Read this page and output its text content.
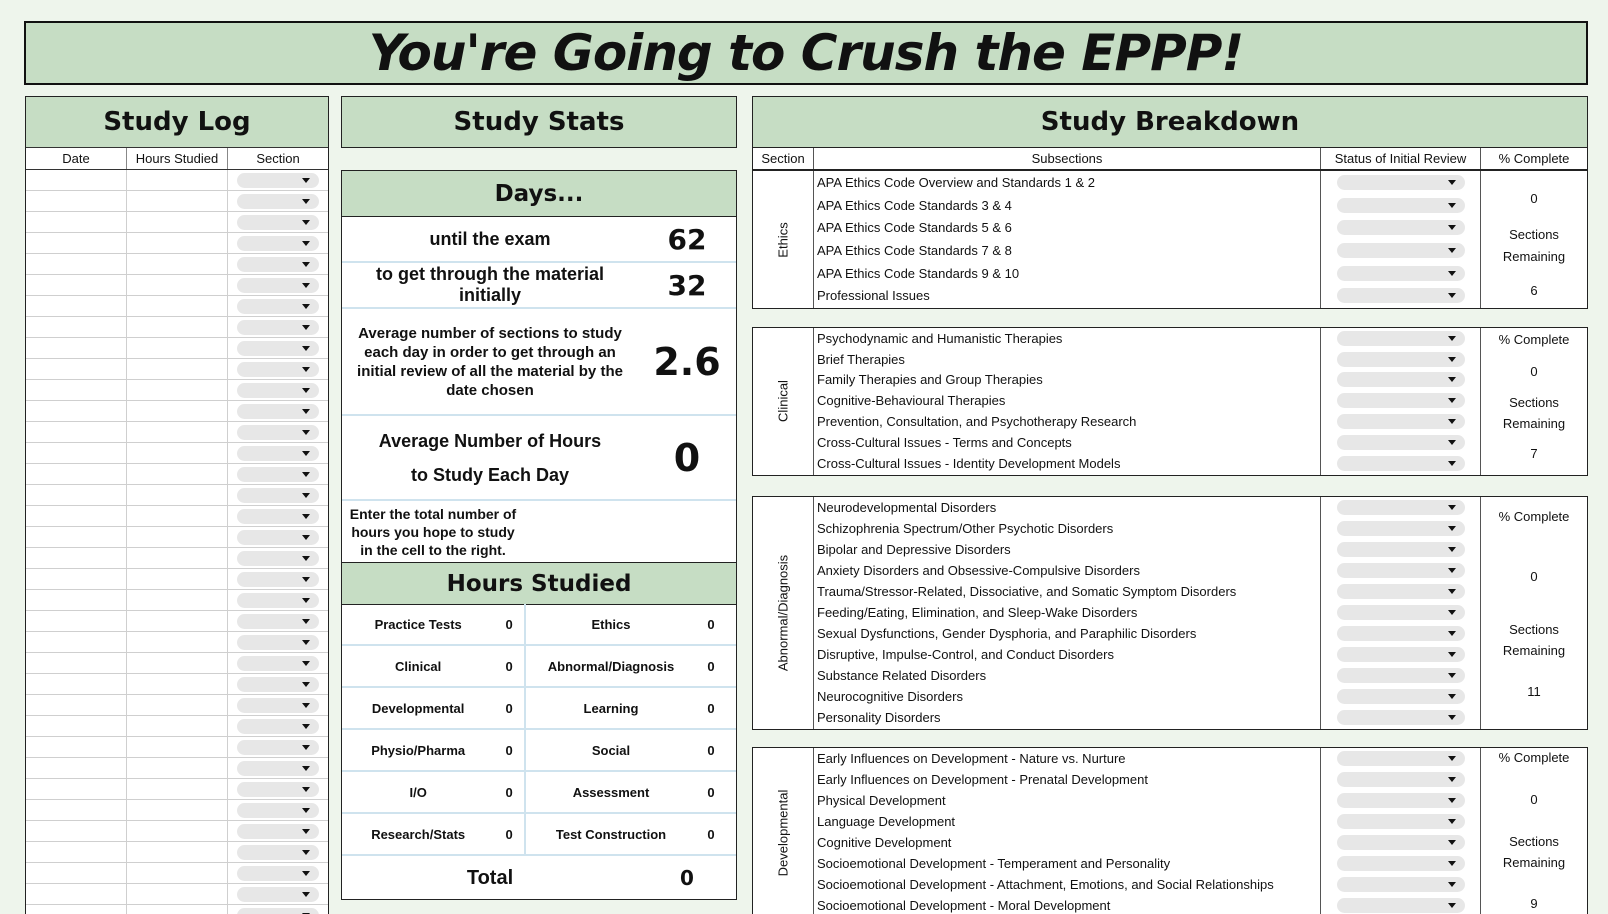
You're Going to Crush the EPPP!
Study Log
Date	Hours Studied	Section
Study Stats
Days...
until the exam	62
to get through the material initially	32
Average number of sections to study each day in order to get through an initial review of all the material by the date chosen
2.6
Average Number of Hours
to Study Each Day	0
Enter the total number of hours you hope to study in the cell to the right.
Hours Studied
Practice Tests	0	Ethics	0
Clinical	0	Abnormal/Diagnosis	0
Developmental	0	Learning	0
Physio/Pharma	0	Social	0
I/O	0	Assessment	0
Research/Stats	0	Test Construction	0
Total	0
Study Breakdown
Section	Subsections	Status of Initial Review	% Complete
Ethics
APA Ethics Code Overview and Standards 1 & 2
APA Ethics Code Standards 3 & 4
APA Ethics Code Standards 5 & 6
APA Ethics Code Standards 7 & 8
APA Ethics Code Standards 9 & 10
Professional Issues
0
Sections
Remaining
6
Clinical
Psychodynamic and Humanistic Therapies
Brief Therapies
Family Therapies and Group Therapies
Cognitive-Behavioural Therapies
Prevention, Consultation, and Psychotherapy Research
Cross-Cultural Issues - Terms and Concepts
Cross-Cultural Issues - Identity Development Models
% Complete
0
Sections
Remaining
7
Abnormal/Diagnosis
Neurodevelopmental Disorders
Schizophrenia Spectrum/Other Psychotic Disorders
Bipolar and Depressive Disorders
Anxiety Disorders and Obsessive-Compulsive Disorders
Trauma/Stressor-Related, Dissociative, and Somatic Symptom Disorders
Feeding/Eating, Elimination, and Sleep-Wake Disorders
Sexual Dysfunctions, Gender Dysphoria, and Paraphilic Disorders
Disruptive, Impulse-Control, and Conduct Disorders
Substance Related Disorders
Neurocognitive Disorders
Personality Disorders
% Complete
0
Sections
Remaining
11
Developmental
Early Influences on Development - Nature vs. Nurture
Early Influences on Development - Prenatal Development
Physical Development
Language Development
Cognitive Development
Socioemotional Development - Temperament and Personality
Socioemotional Development - Attachment, Emotions, and Social Relationships
Socioemotional Development - Moral Development
% Complete
0
Sections
Remaining
9
